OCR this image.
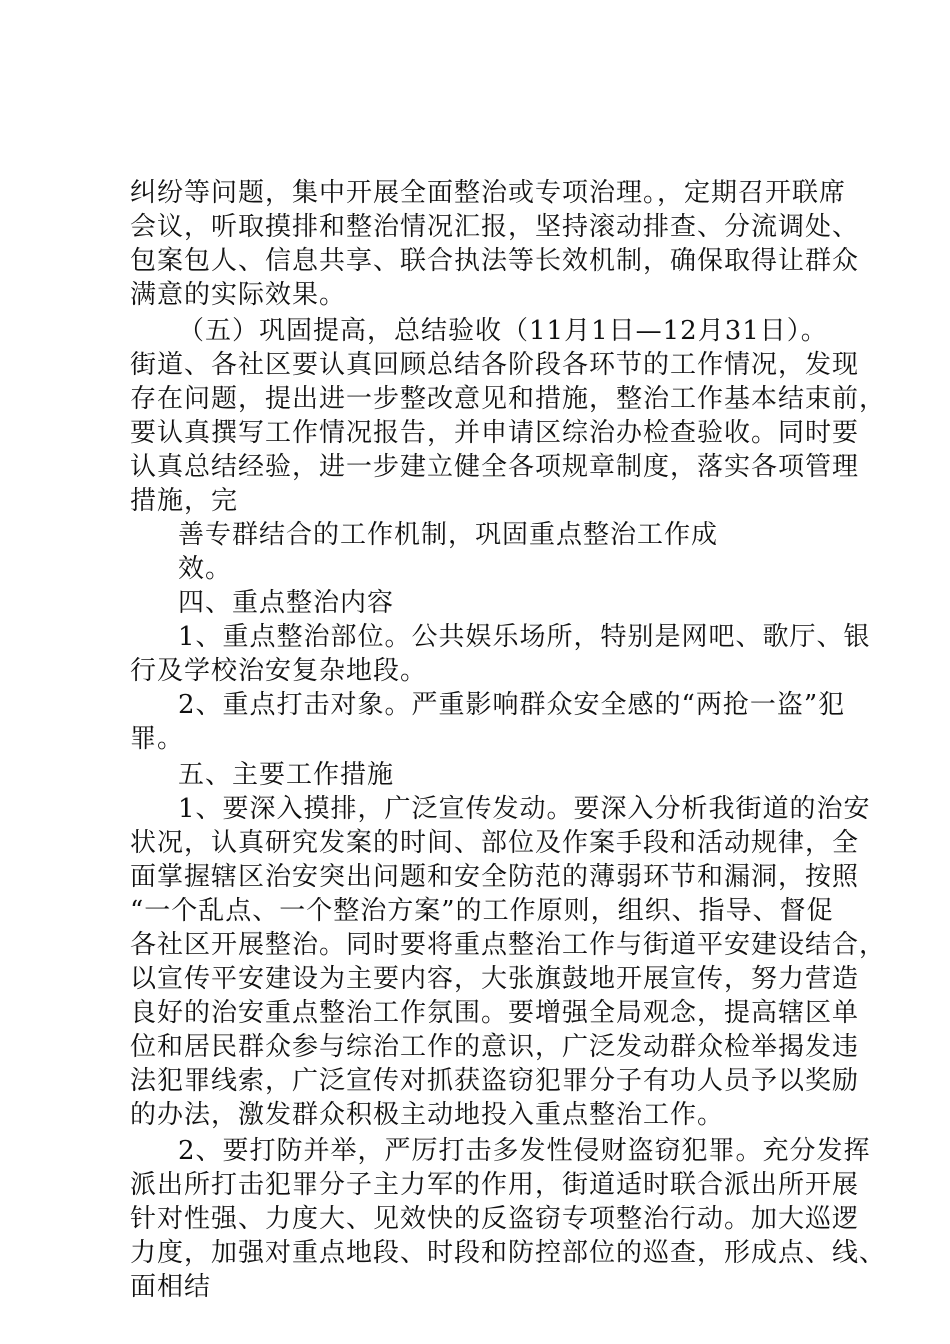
纠纷等问题，集中开展全面整治或专项治理。，定期召开联席
会议，听取摸排和整治情况汇报，坚持滚动排查、分流调处、
包案包人、信息共享、联合执法等长效机制，确保取得让群众
满意的实际效果。
（五）巩固提高，总结验收（11月1日—12月31日）。
街道、各社区要认真回顾总结各阶段各环节的工作情况，发现
存在问题，提出进一步整改意见和措施，整治工作基本结束前，
要认真撰写工作情况报告，并申请区综治办检查验收。同时要
认真总结经验，进一步建立健全各项规章制度，落实各项管理
措施，完
善专群结合的工作机制，巩固重点整治工作成
效。
四、重点整治内容
1、重点整治部位。公共娱乐场所，特别是网吧、歌厅、银
行及学校治安复杂地段。
2、重点打击对象。严重影响群众安全感的“两抢一盗”犯
罪。
五、主要工作措施
1、要深入摸排，广泛宣传发动。要深入分析我街道的治安
状况，认真研究发案的时间、部位及作案手段和活动规律，全
面掌握辖区治安突出问题和安全防范的薄弱环节和漏洞，按照
“一个乱点、一个整治方案”的工作原则，组织、指导、督促
各社区开展整治。同时要将重点整治工作与街道平安建设结合，
以宣传平安建设为主要内容，大张旗鼓地开展宣传，努力营造
良好的治安重点整治工作氛围。要增强全局观念，提高辖区单
位和居民群众参与综治工作的意识，广泛发动群众检举揭发违
法犯罪线索，广泛宣传对抓获盗窃犯罪分子有功人员予以奖励
的办法，激发群众积极主动地投入重点整治工作。
2、要打防并举，严厉打击多发性侵财盗窃犯罪。充分发挥
派出所打击犯罪分子主力军的作用，街道适时联合派出所开展
针对性强、力度大、见效快的反盗窃专项整治行动。加大巡逻
力度，加强对重点地段、时段和防控部位的巡查，形成点、线、
面相结
